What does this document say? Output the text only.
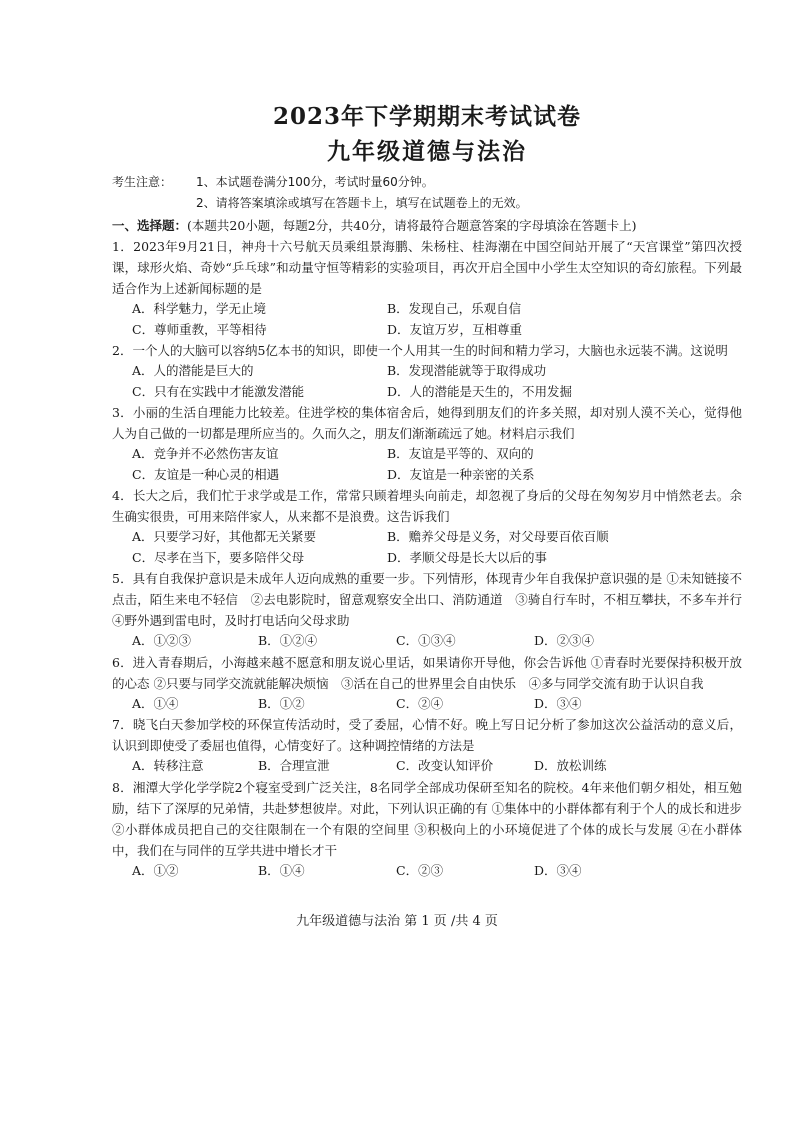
2023年下学期期末考试试卷
九年级道德与法治
考生注意：	1、本试题卷满分100分，考试时量60分钟。
2、请将答案填涂或填写在答题卡上，填写在试题卷上的无效。
一、选择题：(本题共20小题，每题2分，共40分，请将最符合题意答案的字母填涂在答题卡上)
1．2023年9月21日，神舟十六号航天员乘组景海鹏、朱杨柱、桂海潮在中国空间站开展了“天宫课堂”第四次授课，球形火焰、奇妙“乒乓球”和动量守恒等精彩的实验项目，再次开启全国中小学生太空知识的奇幻旅程。下列最适合作为上述新闻标题的是
A．科学魅力，学无止境	B．发现自己，乐观自信
C．尊师重教，平等相待	D．友谊万岁，互相尊重
2．一个人的大脑可以容纳5亿本书的知识，即使一个人用其一生的时间和精力学习，大脑也永远装不满。这说明
A．人的潜能是巨大的	B．发现潜能就等于取得成功
C．只有在实践中才能激发潜能	D．人的潜能是天生的，不用发掘
3．小丽的生活自理能力比较差。住进学校的集体宿舍后，她得到朋友们的许多关照，却对别人漠不关心，觉得他人为自己做的一切都是理所应当的。久而久之，朋友们渐渐疏远了她。材料启示我们
A．竞争并不必然伤害友谊	B．友谊是平等的、双向的
C．友谊是一种心灵的相遇	D．友谊是一种亲密的关系
4．长大之后，我们忙于求学或是工作，常常只顾着埋头向前走，却忽视了身后的父母在匆匆岁月中悄然老去。余生确实很贵，可用来陪伴家人，从来都不是浪费。这告诉我们
A．只要学习好，其他都无关紧要	B．赡养父母是义务，对父母要百依百顺
C．尽孝在当下，要多陪伴父母	D．孝顺父母是长大以后的事
5．具有自我保护意识是未成年人迈向成熟的重要一步。下列情形，体现青少年自我保护意识强的是 ①未知链接不点击，陌生来电不轻信　②去电影院时，留意观察安全出口、消防通道　③骑自行车时，不相互攀扶，不多车并行　④野外遇到雷电时，及时打电话向父母求助
A．①②③	B．①②④	C．①③④	D．②③④
6．进入青春期后，小海越来越不愿意和朋友说心里话，如果请你开导他，你会告诉他 ①青春时光要保持积极开放的心态 ②只要与同学交流就能解决烦恼　③活在自己的世界里会自由快乐　④多与同学交流有助于认识自我
A．①④	B．①②	C．②④	D．③④
7．晓飞白天参加学校的环保宣传活动时，受了委屈，心情不好。晚上写日记分析了参加这次公益活动的意义后，认识到即使受了委屈也值得，心情变好了。这种调控情绪的方法是
A．转移注意	B．合理宣泄	C．改变认知评价	D．放松训练
8．湘潭大学化学学院2个寝室受到广泛关注，8名同学全部成功保研至知名的院校。4年来他们朝夕相处，相互勉励，结下了深厚的兄弟情，共赴梦想彼岸。对此，下列认识正确的有 ①集体中的小群体都有利于个人的成长和进步 ②小群体成员把自己的交往限制在一个有限的空间里 ③积极向上的小环境促进了个体的成长与发展 ④在小群体中，我们在与同伴的互学共进中增长才干
A．①②	B．①④	C．②③	D．③④
九年级道德与法治 第 1 页 /共 4 页
